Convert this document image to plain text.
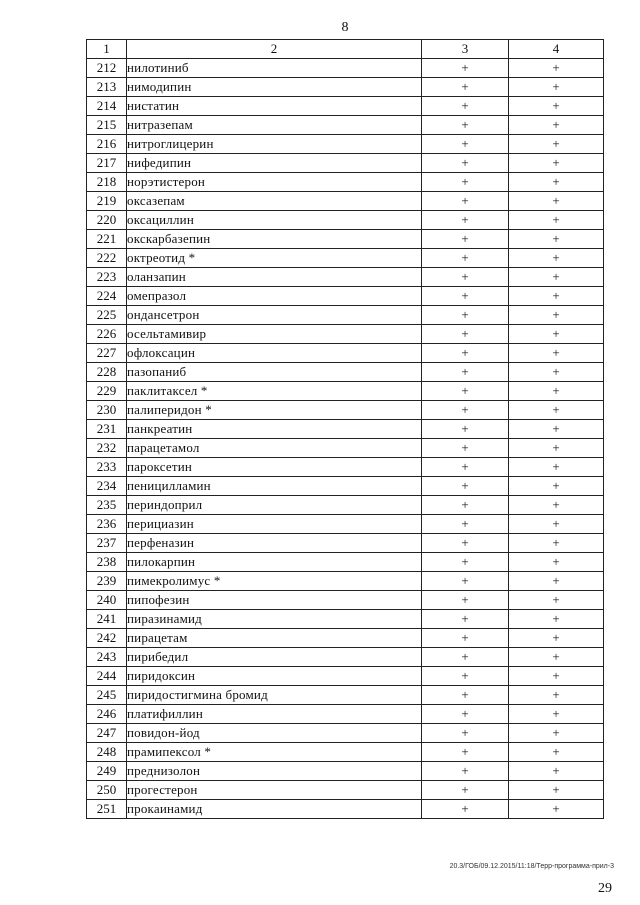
8
1	2	3	4
212	нилотиниб	+	+
213	нимодипин	+	+
214	нистатин	+	+
215	нитразепам	+	+
216	нитроглицерин	+	+
217	нифедипин	+	+
218	норэтистерон	+	+
219	оксазепам	+	+
220	оксациллин	+	+
221	окскарбазепин	+	+
222	октреотид *	+	+
223	оланзапин	+	+
224	омепразол	+	+
225	ондансетрон	+	+
226	осельтамивир	+	+
227	офлоксацин	+	+
228	пазопаниб	+	+
229	паклитаксел *	+	+
230	палиперидон *	+	+
231	панкреатин	+	+
232	парацетамол	+	+
233	пароксетин	+	+
234	пеницилламин	+	+
235	периндоприл	+	+
236	перициазин	+	+
237	перфеназин	+	+
238	пилокарпин	+	+
239	пимекролимус *	+	+
240	пипофезин	+	+
241	пиразинамид	+	+
242	пирацетам	+	+
243	пирибедил	+	+
244	пиридоксин	+	+
245	пиридостигмина бромид	+	+
246	платифиллин	+	+
247	повидон-йод	+	+
248	прамипексол *	+	+
249	преднизолон	+	+
250	прогестерон	+	+
251	прокаинамид	+	+
20.3/ГОБ/09.12.2015/11:18/Терр-программа-прил-3
29
